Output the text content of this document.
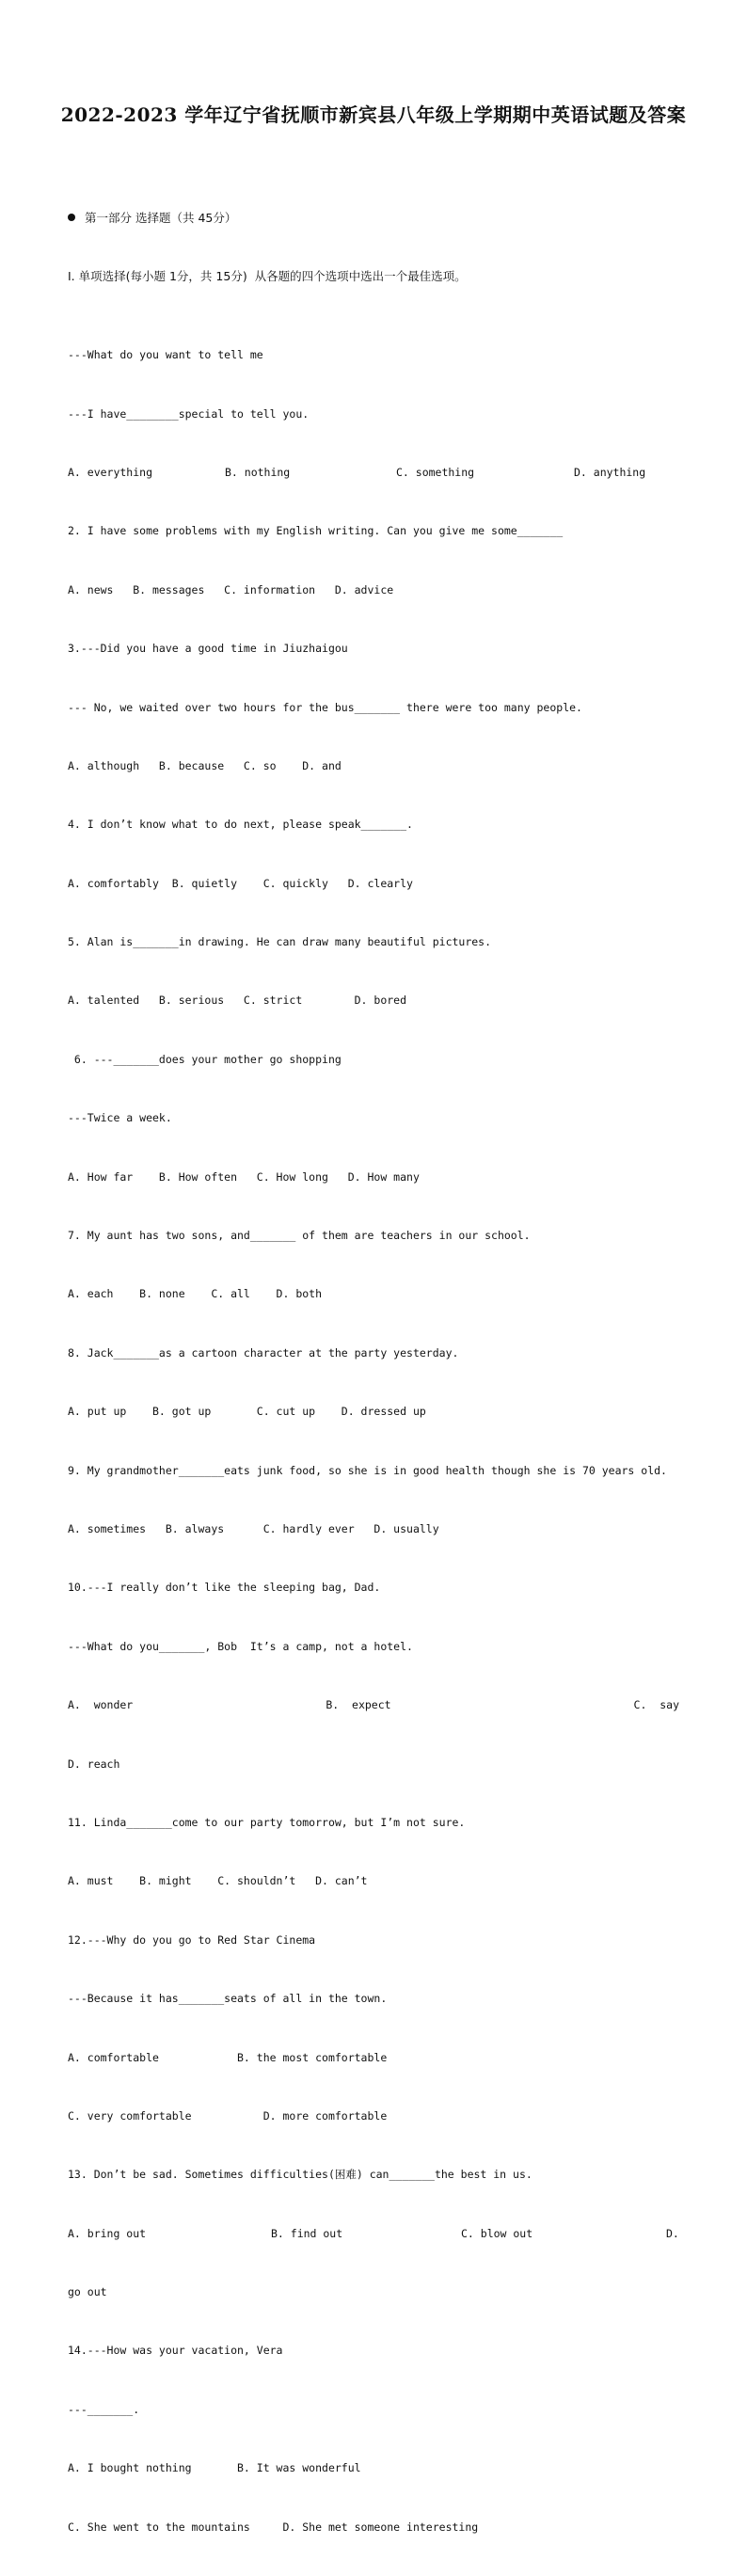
2022-2023 学年辽宁省抚顺市新宾县八年级上学期期中英语试题及答案

第一部分 选择题（共 45分）

Ⅰ. 单项选择(每小题 1分，共 15分)  从各题的四个选项中选出一个最佳选项。

---What do you want to tell me

---I have________special to tell you.

A. everything	B. nothing	C. something	D. anything

2. I have some problems with my English writing. Can you give me some_______

A. news   B. messages   C. information   D. advice

3.---Did you have a good time in Jiuzhaigou

--- No, we waited over two hours for the bus_______ there were too many people.

A. although   B. because   C. so    D. and

4. I don’t know what to do next, please speak_______.

A. comfortably  B. quietly    C. quickly   D. clearly

5. Alan is_______in drawing. He can draw many beautiful pictures.

A. talented   B. serious   C. strict        D. bored

6. ---_______does your mother go shopping

---Twice a week.

A. How far    B. How often   C. How long   D. How many

7. My aunt has two sons, and_______ of them are teachers in our school.

A. each    B. none    C. all    D. both

8. Jack_______as a cartoon character at the party yesterday.

A. put up    B. got up       C. cut up    D. dressed up

9. My grandmother_______eats junk food, so she is in good health though she is 70 years old.

A. sometimes   B. always      C. hardly ever   D. usually

10.---I really don’t like the sleeping bag, Dad.

---What do you_______, Bob  It’s a camp, not a hotel.

A.  wonder	B.  expect	C.  say

D. reach

11. Linda_______come to our party tomorrow, but I’m not sure.

A. must    B. might    C. shouldn’t   D. can’t

12.---Why do you go to Red Star Cinema

---Because it has_______seats of all in the town.

A. comfortable            B. the most comfortable

C. very comfortable           D. more comfortable

13. Don’t be sad. Sometimes difficulties(困难) can_______the best in us.

A. bring out	B. find out	C. blow out	D.

go out

14.---How was your vacation, Vera

---_______.

A. I bought nothing       B. It was wonderful

C. She went to the mountains     D. She met someone interesting
